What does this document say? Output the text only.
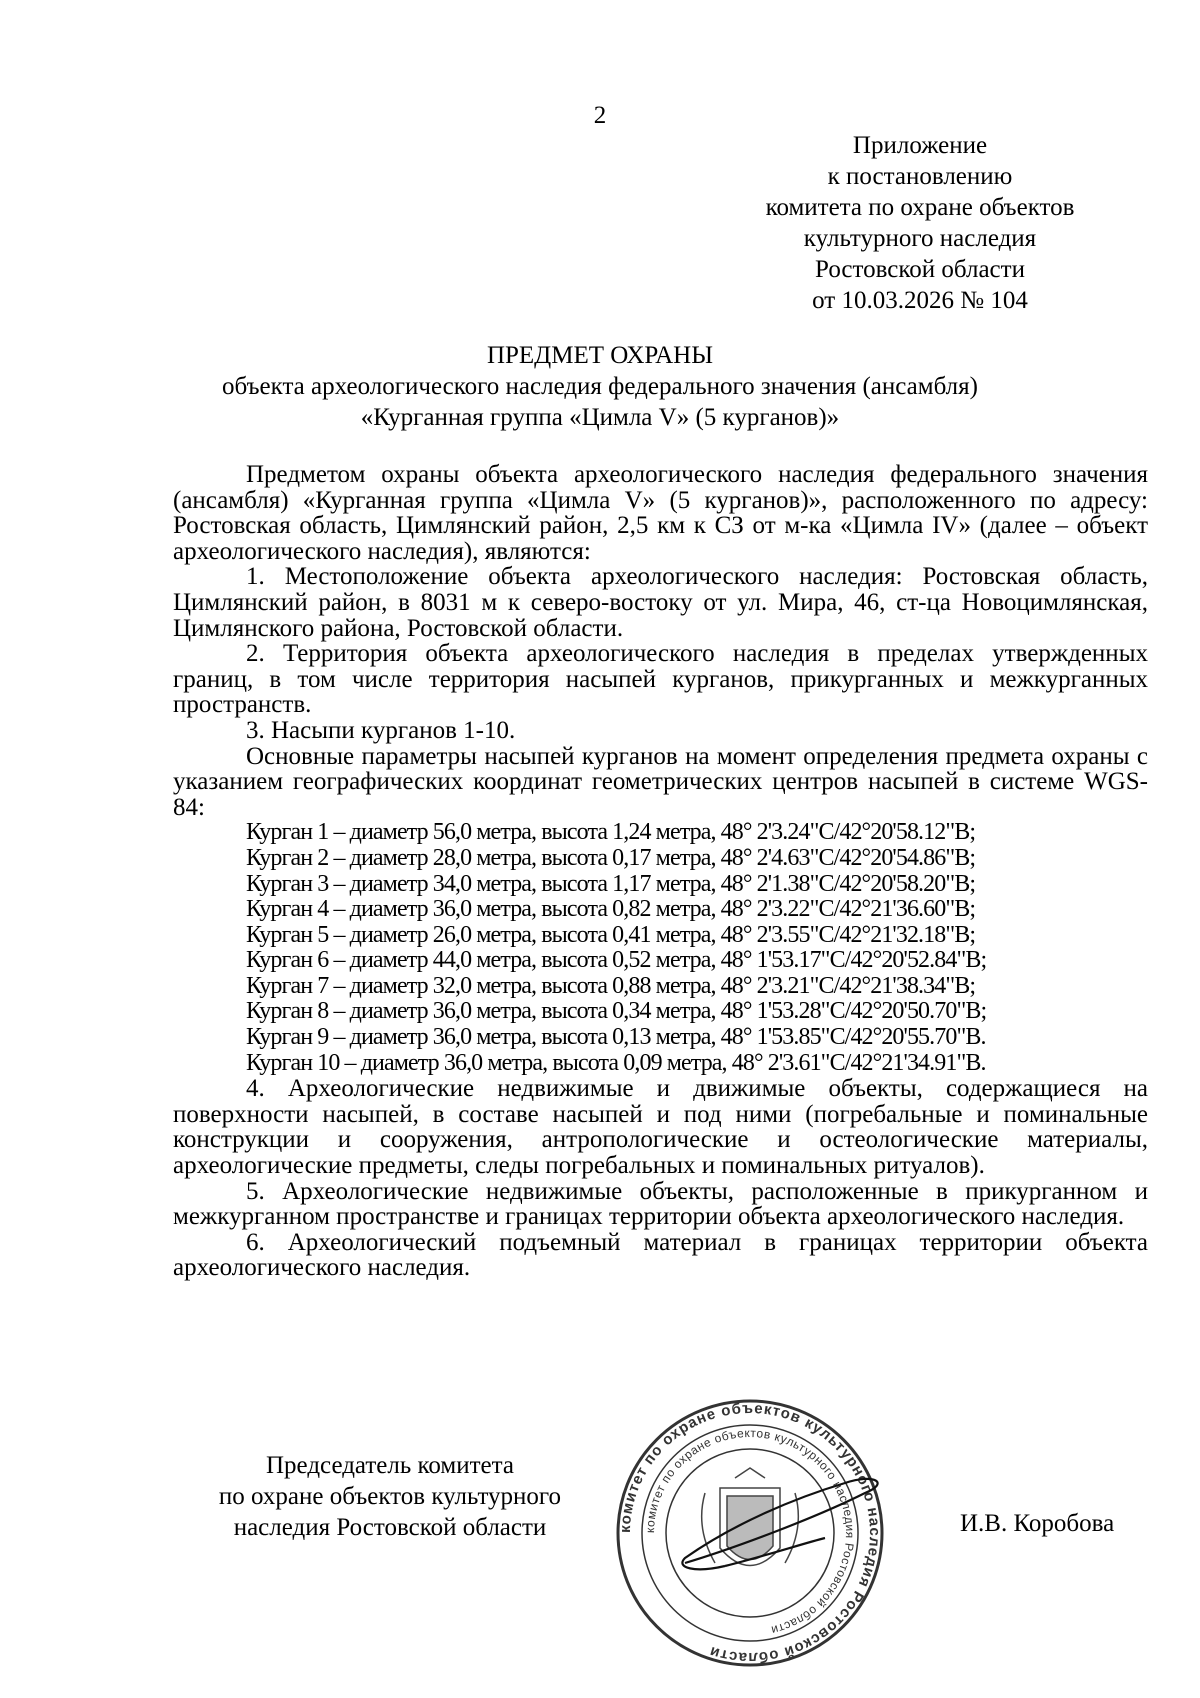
2
Приложение
к постановлению
комитета по охране объектов
культурного наследия
Ростовской области
от 10.03.2026 № 104
ПРЕДМЕТ ОХРАНЫ
объекта археологического наследия федерального значения (ансамбля)
«Курганная группа «Цимла V» (5 курганов)»

Предметом охраны объекта археологического наследия федерального значения (ансамбля) «Курганная группа «Цимла V» (5 курганов)», расположенного по адресу: Ростовская область, Цимлянский район, 2,5 км к СЗ от м-ка «Цимла IV» (далее – объект археологического наследия), являются:

1. Местоположение объекта археологического наследия: Ростовская область, Цимлянский район, в 8031 м к северо-востоку от ул. Мира, 46, ст-ца Новоцимлянская, Цимлянского района, Ростовской области.

2. Территория объекта археологического наследия в пределах утвержденных границ, в том числе территория насыпей курганов, прикурганных и межкурганных пространств.

3. Насыпи курганов 1-10.

Основные параметры насыпей курганов на момент определения предмета охраны с указанием географических координат геометрических центров насыпей в системе WGS-84:

Курган 1 – диаметр 56,0 метра, высота 1,24 метра, 48° 2'3.24"С/42°20'58.12"В;
Курган 2 – диаметр 28,0 метра, высота 0,17 метра, 48° 2'4.63"С/42°20'54.86"В;
Курган 3 – диаметр 34,0 метра, высота 1,17 метра, 48° 2'1.38"С/42°20'58.20"В;
Курган 4 – диаметр 36,0 метра, высота 0,82 метра, 48° 2'3.22"С/42°21'36.60"В;
Курган 5 – диаметр 26,0 метра, высота 0,41 метра, 48° 2'3.55"С/42°21'32.18"В;
Курган 6 – диаметр 44,0 метра, высота 0,52 метра, 48° 1'53.17"С/42°20'52.84"В;
Курган 7 – диаметр 32,0 метра, высота 0,88 метра, 48° 2'3.21"С/42°21'38.34"В;
Курган 8 – диаметр 36,0 метра, высота 0,34 метра, 48° 1'53.28"С/42°20'50.70"В;
Курган 9 – диаметр 36,0 метра, высота 0,13 метра, 48° 1'53.85"С/42°20'55.70"В.
Курган 10 – диаметр 36,0 метра, высота 0,09 метра, 48° 2'3.61"С/42°21'34.91"В.

4. Археологические недвижимые и движимые объекты, содержащиеся на поверхности насыпей, в составе насыпей и под ними (погребальные и поминальные конструкции и сооружения, антропологические и остеологические материалы, археологические предметы, следы погребальных и поминальных ритуалов).

5. Археологические недвижимые объекты, расположенные в прикурганном и межкурганном пространстве и границах территории объекта археологического наследия.

6. Археологический подъемный материал в границах территории объекта археологического наследия.

Председатель комитета
по охране объектов культурного
наследия Ростовской области	комитет по охране объектов культурного наследия Ростовской области
комитет по охране объектов культурного наследия Ростовской области
И.В. Коробова
